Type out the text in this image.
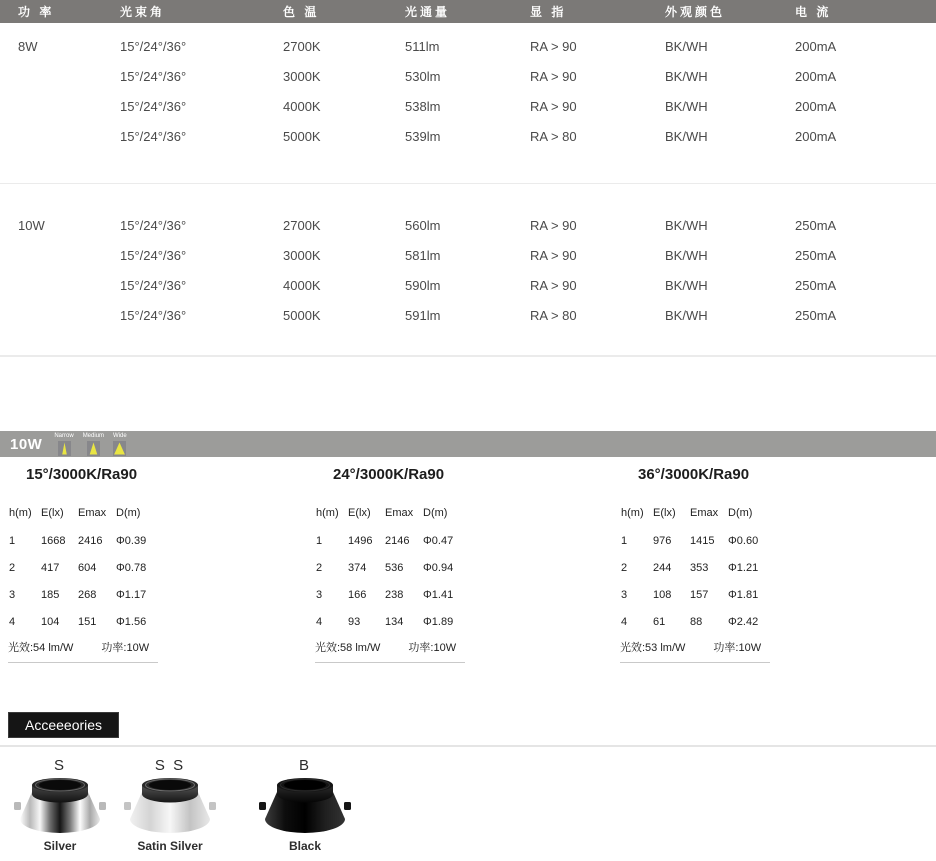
功 率	光束角	色 温	光通量	显 指	外观颜色	电 流

8W	15°/24°/36°	2700K	511lm	RA > 90	BK/WH	200mA
	15°/24°/36°	3000K	530lm	RA > 90	BK/WH	200mA
	15°/24°/36°	4000K	538lm	RA > 90	BK/WH	200mA
	15°/24°/36°	5000K	539lm	RA > 80	BK/WH	200mA

10W	15°/24°/36°	2700K	560lm	RA > 90	BK/WH	250mA
	15°/24°/36°	3000K	581lm	RA > 90	BK/WH	250mA
	15°/24°/36°	4000K	590lm	RA > 90	BK/WH	250mA
	15°/24°/36°	5000K	591lm	RA > 80	BK/WH	250mA
10W Narrow Medium Wide
15°/3000K/Ra90
h(m)	E(lx)	Emax	D(m)
1	1668	2416	Φ0.39
2	417	604	Φ0.78
3	185	268	Φ1.17
4	104	151	Φ1.56
光效:54 lm/W	功率:10W
24°/3000K/Ra90
h(m)	E(lx)	Emax	D(m)
1	1496	2146	Φ0.47
2	374	536	Φ0.94
3	166	238	Φ1.41
4	93	134	Φ1.89
光效:58 lm/W	功率:10W
36°/3000K/Ra90
h(m)	E(lx)	Emax	D(m)
1	976	1415	Φ0.60
2	244	353	Φ1.21
3	108	157	Φ1.81
4	61	88	Φ2.42
光效:53 lm/W	功率:10W
Acceeeories
S
Silver
S S
Satin Silver
B
Black
